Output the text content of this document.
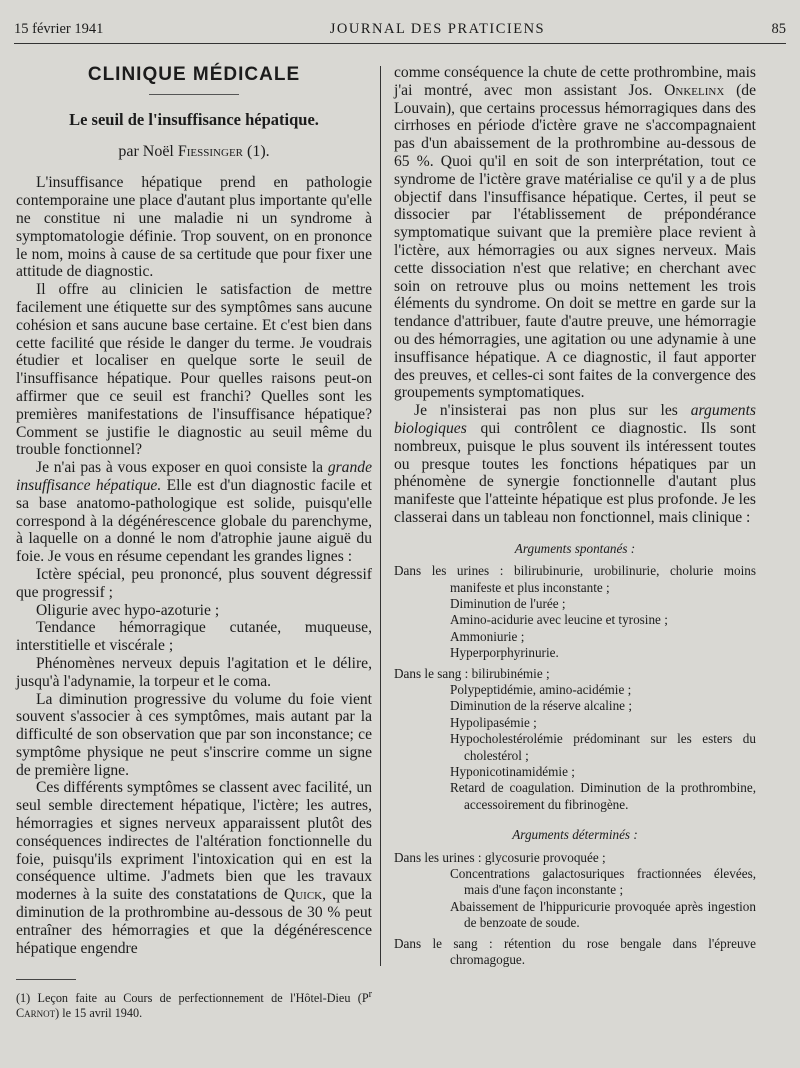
15 février 1941	JOURNAL DES PRATICIENS	85
CLINIQUE MÉDICALE
Le seuil de l'insuffisance hépatique.
par Noël Fiessinger (1).

L'insuffisance hépatique prend en pathologie contemporaine une place d'autant plus importante qu'elle ne constitue ni une maladie ni un syndrome à symptomatologie définie. Trop souvent, on en prononce le nom, moins à cause de sa certitude que pour fixer une attitude de diagnostic.

Il offre au clinicien le satisfaction de mettre facilement une étiquette sur des symptômes sans aucune cohésion et sans aucune base certaine. Et c'est bien dans cette facilité que réside le danger du terme. Je voudrais étudier et localiser en quelque sorte le seuil de l'insuffisance hépatique. Pour quelles raisons peut-on affirmer que ce seuil est franchi? Quelles sont les premières manifestations de l'insuffisance hépatique? Comment se justifie le diagnostic au seuil même du trouble fonctionnel?

Je n'ai pas à vous exposer en quoi consiste la grande insuffisance hépatique. Elle est d'un diagnostic facile et sa base anatomo-pathologique est solide, puisqu'elle correspond à la dégénérescence globale du parenchyme, à laquelle on a donné le nom d'atrophie jaune aiguë du foie. Je vous en résume cependant les grandes lignes :

Ictère spécial, peu prononcé, plus souvent dégressif que progressif ;

Oligurie avec hypo-azoturie ;

Tendance hémorragique cutanée, muqueuse, interstitielle et viscérale ;

Phénomènes nerveux depuis l'agitation et le délire, jusqu'à l'adynamie, la torpeur et le coma.

La diminution progressive du volume du foie vient souvent s'associer à ces symptômes, mais autant par la difficulté de son observation que par son inconstance; ce symptôme physique ne peut s'inscrire comme un signe de première ligne.

Ces différents symptômes se classent avec facilité, un seul semble directement hépatique, l'ictère; les autres, hémorragies et signes nerveux apparaissent plutôt des conséquences indirectes de l'altération fonctionnelle du foie, puisqu'ils expriment l'intoxication qui en est la conséquence ultime. J'admets bien que les travaux modernes à la suite des constatations de Quick, que la diminution de la prothrombine au-dessous de 30 % peut entraîner des hémorragies et que la dégénérescence hépatique engendre

(1) Leçon faite au Cours de perfectionnement de l'Hôtel-Dieu ($P^r$ Carnot) le 15 avril 1940.

comme conséquence la chute de cette prothrombine, mais j'ai montré, avec mon assistant Jos. Onkelinx (de Louvain), que certains processus hémorragiques dans des cirrhoses en période d'ictère grave ne s'accompagnaient pas d'un abaissement de la prothrombine au-dessous de 65 %. Quoi qu'il en soit de son interprétation, tout ce syndrome de l'ictère grave matérialise ce qu'il y a de plus objectif dans l'insuffisance hépatique. Certes, il peut se dissocier par l'établissement de prépondérance symptomatique suivant que la première place revient à l'ictère, aux hémorragies ou aux signes nerveux. Mais cette dissociation n'est que relative; en cherchant avec soin on retrouve plus ou moins nettement les trois éléments du syndrome. On doit se mettre en garde sur la tendance d'attribuer, faute d'autre preuve, une hémorragie ou des hémorragies, une agitation ou une adynamie à une insuffisance hépatique. A ce diagnostic, il faut apporter des preuves, et celles-ci sont faites de la convergence des groupements symptomatiques.

Je n'insisterai pas non plus sur les arguments biologiques qui contrôlent ce diagnostic. Ils sont nombreux, puisque le plus souvent ils intéressent toutes ou presque toutes les fonctions hépatiques par un phénomène de synergie fonctionnelle d'autant plus manifeste que l'atteinte hépatique est plus profonde. Je les classerai dans un tableau non fonctionnel, mais clinique :

Arguments spontanés :
Dans les urines : bilirubinurie, urobilinurie, cholurie moins manifeste et plus inconstante ;
Diminution de l'urée ;
Amino-acidurie avec leucine et tyrosine ;
Ammoniurie ;
Hyperporphyrinurie.
Dans le sang : bilirubinémie ;
Polypeptidémie, amino-acidémie ;
Diminution de la réserve alcaline ;
Hypolipasémie ;
Hypocholestérolémie prédominant sur les esters du cholestérol ;
Hyponicotinamidémie ;
Retard de coagulation. Diminution de la prothrombine, accessoirement du fibrinogène.
Arguments déterminés :
Dans les urines : glycosurie provoquée ;
Concentrations galactosuriques fractionnées élevées, mais d'une façon inconstante ;
Abaissement de l'hippuricurie provoquée après ingestion de benzoate de soude.
Dans le sang : rétention du rose bengale dans l'épreuve chromagogue.
